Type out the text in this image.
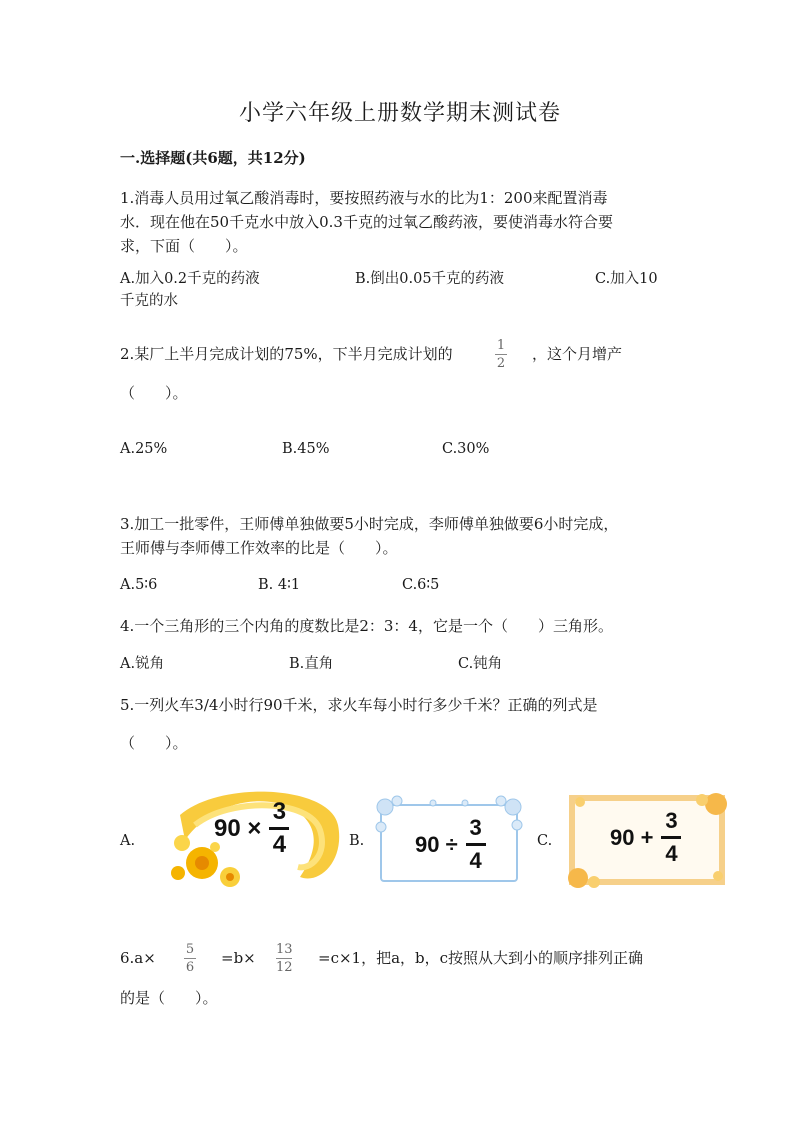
小学六年级上册数学期末测试卷
一.选择题(共6题，共12分)
1.消毒人员用过氧乙酸消毒时，要按照药液与水的比为1：200来配置消毒
水．现在他在50千克水中放入0.3千克的过氧乙酸药液，要使消毒水符合要
求，下面（　　）。
A.加入0.2千克的药液	B.倒出0.05千克的药液	C.加入10
千克的水
2.某厂上半月完成计划的75%，下半月完成计划的	1
2
，这个月增产
（　　）。
A.25%	B.45%	C.30%
3.加工一批零件，王师傅单独做要5小时完成，李师傅单独做要6小时完成，
王师傅与李师傅工作效率的比是（　　）。
A.5∶6	B. 4∶1	C.6∶5
4.一个三角形的三个内角的度数比是2：3：4，它是一个（　　）三角形。
A.锐角	B.直角	C.钝角
5.一列火车3/4小时行90千米，求火车每小时行多少千米？正确的列式是
（　　）。
A.	90 ×
3
4	B. 90 ÷
3
4
C.	90 +
3
4
6.a× 5
6
=b× 13
12
=c×1，把a，b，c按照从大到小的顺序排列正确
的是（　　）。
